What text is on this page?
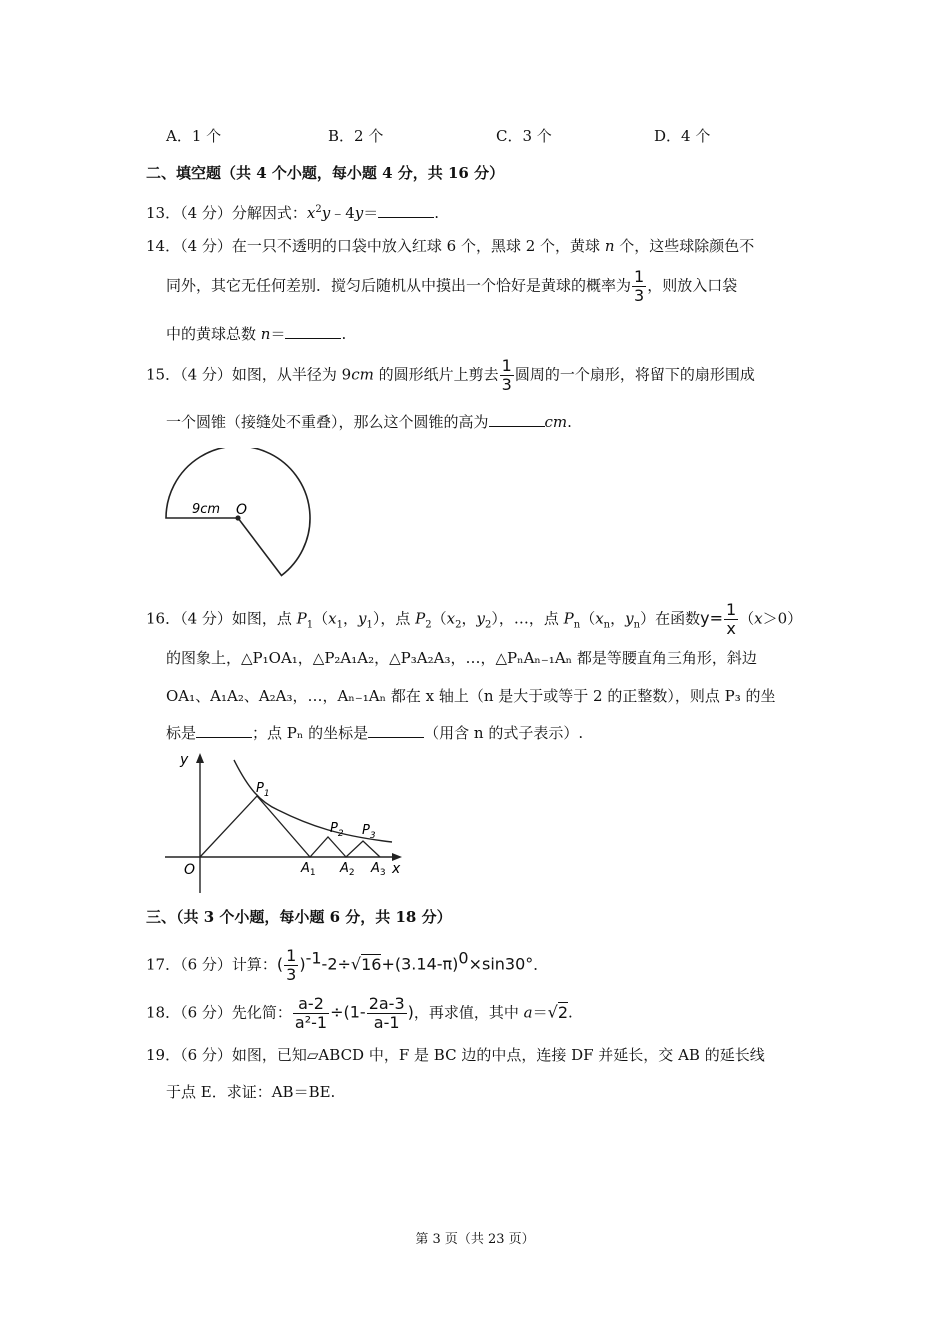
A．1 个	B．2 个	C．3 个	D．4 个
二、填空题（共 4 个小题，每小题 4 分，共 16 分）
13．（4 分）分解因式：$x^2y﹣4y=$	.
14．（4 分）在一只不透明的口袋中放入红球 6 个，黑球 2 个，黄球 n 个，这些球除颜色不
同外，其它无任何差别．搅匀后随机从中摸出一个恰好是黄球的概率为 $\frac{1}{3}$ ，则放入口袋
中的黄球总数 n＝	.
15．（4 分）如图，从半径为 9cm 的圆形纸片上剪去 $\frac{1}{3}$ 圆周的一个扇形，将留下的扇形围成
一个圆锥（接缝处不重叠），那么这个圆锥的高为	cm.
9cm O
16．（4 分）如图，点 $P_1(x_1$，$y_1$），点 $P_2(x_2$，$y_2$），…，点 $P_n(x_n$，$y_n$）在函数$y= \frac{1}{x} (x>0)$
的图象上，△P₁OA₁，△P₂A₁A₂，△P₃A₂A₃，…，△PₙAₙ₋₁Aₙ 都是等腰直角三角形，斜边
OA₁、A₁A₂、A₂A₃，…，Aₙ₋₁Aₙ 都在 x 轴上（n 是大于或等于 2 的正整数），则点 P₃ 的坐
标是	；点 Pₙ 的坐标是	（用含 n 的式子表示）.
y
x
O
$P_1$
$P_2$ $P_3$
$A_1$ $A_2$ $A_3$
三、（共 3 个小题，每小题 6 分，共 18 分）
17．（6 分）计算：( $\frac{1}{3} )^{-1}-2\div√16+(3.14-\pi)^0\times\sin 30^\circ$．
18．（6 分）先化简： $\frac{a-2}{\text{a²-1}} \div(1- \frac{2a-3}{a-1}$ )，再求值，其中 a＝√2.
19．（6 分）如图，已知▱ABCD 中，F 是 BC 边的中点，连接 DF 并延长，交 AB 的延长线
于点 E．求证：AB＝BE.
第 3 页（共 23 页）
